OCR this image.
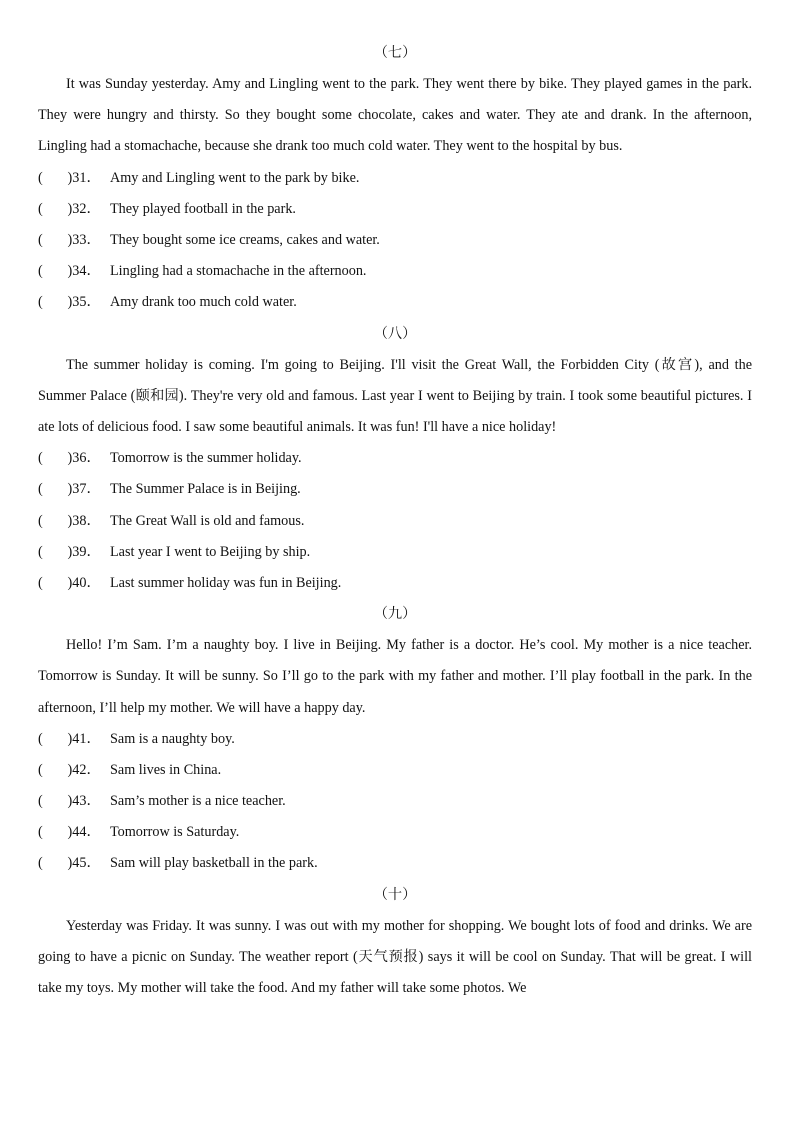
（七）

It was Sunday yesterday. Amy and Lingling went to the park. They went there by bike. They played games in the park. They were hungry and thirsty. So they bought some chocolate, cakes and water. They ate and drank. In the afternoon, Lingling had a stomachache, because she drank too much cold water. They went to the hospital by bus.

(       )31． Amy and Lingling went to the park by bike.
(       )32． They played football in the park.
(       )33． They bought some ice creams, cakes and water.
(       )34． Lingling had a stomachache in the afternoon.
(       )35． Amy drank too much cold water.
（八）

The summer holiday is coming. I'm going to Beijing. I'll visit the Great Wall, the Forbidden City (故宫), and the Summer Palace (颐和园). They're very old and famous. Last year I went to Beijing by train. I took some beautiful pictures. I ate lots of delicious food. I saw some beautiful animals. It was fun! I'll have a nice holiday!

(       )36． Tomorrow is the summer holiday.
(       )37． The Summer Palace is in Beijing.
(       )38． The Great Wall is old and famous.
(       )39． Last year I went to Beijing by ship.
(       )40． Last summer holiday was fun in Beijing.
（九）

Hello! I’m Sam. I’m a naughty boy. I live in Beijing. My father is a doctor. He’s cool. My mother is a nice teacher. Tomorrow is Sunday. It will be sunny. So I’ll go to the park with my father and mother. I’ll play football in the park. In the afternoon, I’ll help my mother. We will have a happy day.

(       )41． Sam is a naughty boy.
(       )42． Sam lives in China.
(       )43． Sam’s mother is a nice teacher.
(       )44． Tomorrow is Saturday.
(       )45． Sam will play basketball in the park.
（十）

Yesterday was Friday. It was sunny. I was out with my mother for shopping. We bought lots of food and drinks. We are going to have a picnic on Sunday. The weather report (天气预报) says it will be cool on Sunday. That will be great. I will take my toys. My mother will take the food. And my father will take some photos. We
